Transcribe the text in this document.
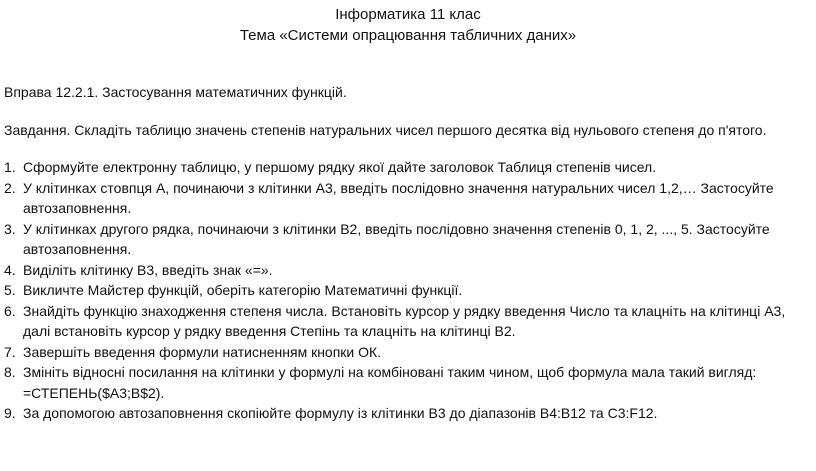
Інформатика 11 клас
Тема «Системи опрацювання табличних даних»
Вправа 12.2.1. Застосування математичних функцій.
Завдання. Складіть таблицю значень степенів натуральних чисел першого десятка від нульового степеня до п'ятого.
1. Сформуйте електронну таблицю, у першому рядку якої дайте заголовок Таблиця степенів чисел.
2. У клітинках стовпця А, починаючи з клітинки А3, введіть послідовно значення натуральних чисел 1,2,… Застосуйте автозаповнення.
3. У клітинках другого рядка, починаючи з клітинки В2, введіть послідовно значення степенів 0, 1, 2, ..., 5. Застосуйте автозаповнення.
4. Виділіть клітинку В3, введіть знак «=».
5. Викличте Майстер функцій, оберіть категорію Математичні функції.
6. Знайдіть функцію знаходження степеня числа. Встановіть курсор у рядку введення Число та клацніть на клітинці А3, далі встановіть курсор у рядку введення Степінь та клацніть на клітинці В2.
7. Завершіть введення формули натисненням кнопки ОК.
8. Змініть відносні посилання на клітинки у формулі на комбіновані таким чином, щоб формула мала такий вигляд: =СТЕПЕНЬ($A3;B$2).
9. За допомогою автозаповнення скопіюйте формулу із клітинки В3 до діапазонів В4:В12 та С3:F12.
